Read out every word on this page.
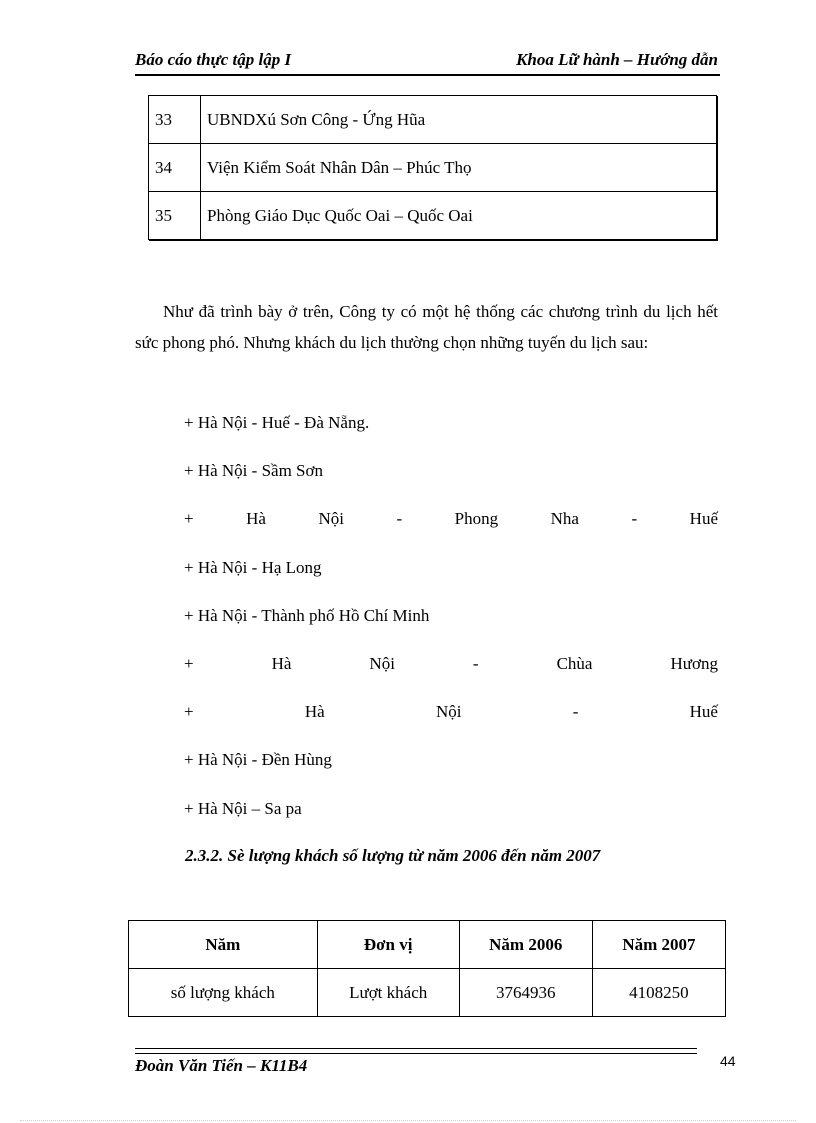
Báo cáo thực tập lập I	Khoa Lữ hành – Hướng dẫn
33	UBNDXú Sơn Công - Ứng Hũa
34	Viện Kiểm Soát Nhân Dân – Phúc Thọ
35	Phòng Giáo Dục Quốc Oai – Quốc Oai
Như đã trình bày ở trên, Công ty có một hệ thống các chương trình du lịch hết sức phong phó. Nhưng khách du lịch thường chọn những tuyến du lịch sau:
+ Hà Nội - Huế - Đà Nẵng.
+ Hà Nội - Sầm Sơn
+	Hà	Nội	-	Phong	Nha	-	Huế
+ Hà Nội - Hạ Long
+ Hà Nội - Thành phố Hồ Chí Minh
+	Hà	Nội	-	Chùa	Hương
+	Hà	Nội	-	Huế
+ Hà Nội - Đền Hùng
+ Hà Nội – Sa pa
2.3.2. Sè lượng khách số lượng từ năm 2006 đến năm 2007
Năm	Đơn vị	Năm 2006	Năm 2007
số lượng khách	Lượt khách	3764936	4108250
Đoàn Văn Tiến – K11B4	44
